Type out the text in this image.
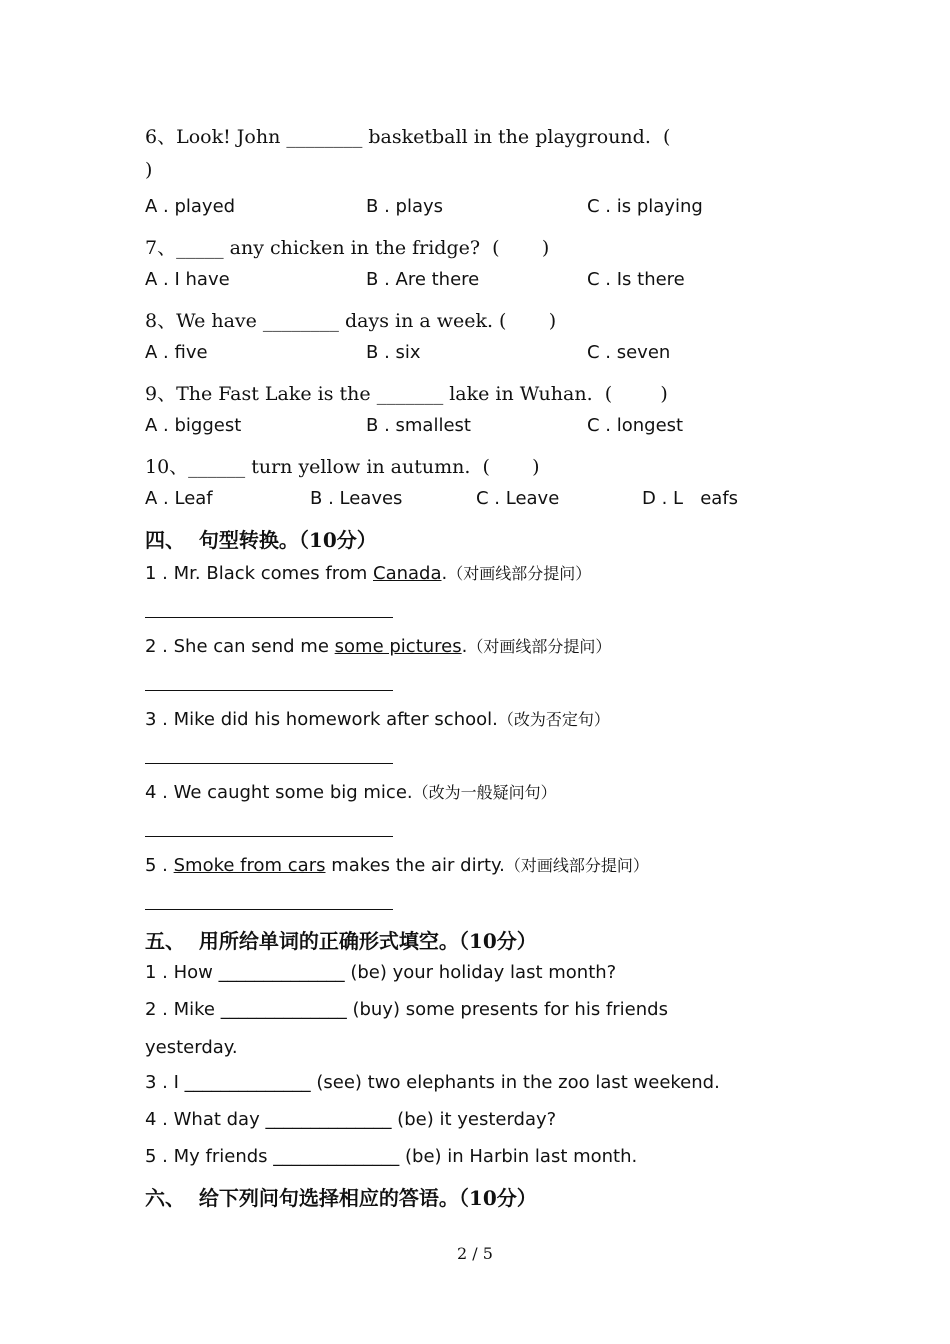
6、Look! John ________ basketball in the playground.  (
)
A . played	B . plays	C . is playing
7、_____ any chicken in the fridge?  (       )
A . I have	B . Are there	C . Is there
8、We have ________ days in a week. (       )
A . five	B . six	C . seven
9、The Fast Lake is the _______ lake in Wuhan.  (        )
A . biggest	B . smallest	C . longest
10、______ turn yellow in autumn.  (       )
A . Leaf	B . Leaves	C . Leave	D . L   eafs
四、  句型转换。（10分）
1 . Mr. Black comes from Canada.（对画线部分提问）
2 . She can send me some pictures.（对画线部分提问）
3 . Mike did his homework after school.（改为否定句）
4 . We caught some big mice.（改为一般疑问句）
5 . Smoke from cars makes the air dirty.（对画线部分提问）
五、  用所给单词的正确形式填空。（10分）
1 . How ______________ (be) your holiday last month?
2 . Mike ______________ (buy) some presents for his friends
yesterday.
3 . I ______________ (see) two elephants in the zoo last weekend.
4 . What day ______________ (be) it yesterday?
5 . My friends ______________ (be) in Harbin last month.
六、  给下列问句选择相应的答语。（10分）
2 / 5
